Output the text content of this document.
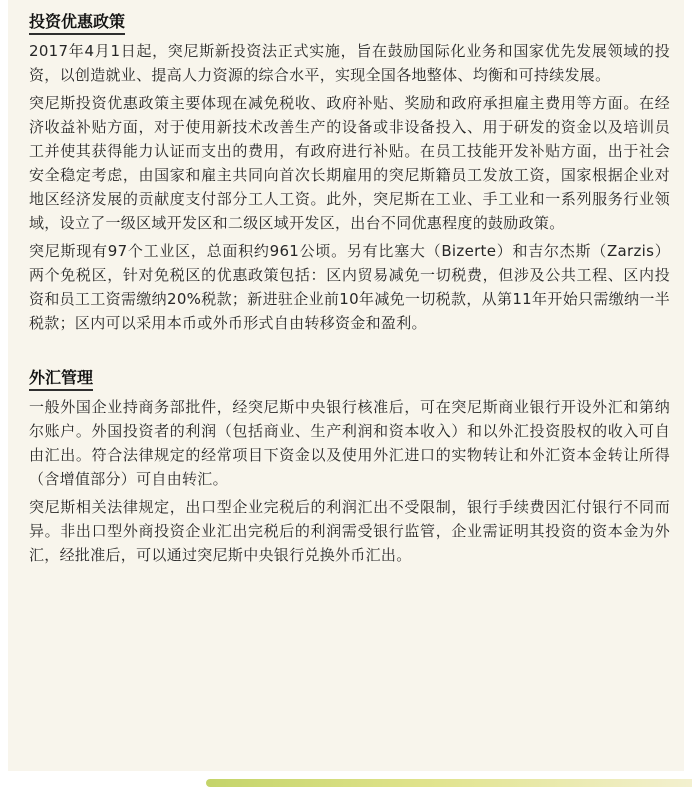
投资优惠政策

2017年4月1日起，突尼斯新投资法正式实施，旨在鼓励国际化业务和国家优先发展领域的投资，以创造就业、提高人力资源的综合水平，实现全国各地整体、均衡和可持续发展。

突尼斯投资优惠政策主要体现在减免税收、政府补贴、奖励和政府承担雇主费用等方面。在经济收益补贴方面，对于使用新技术改善生产的设备或非设备投入、用于研发的资金以及培训员工并使其获得能力认证而支出的费用，有政府进行补贴。在员工技能开发补贴方面，出于社会安全稳定考虑，由国家和雇主共同向首次长期雇用的突尼斯籍员工发放工资，国家根据企业对地区经济发展的贡献度支付部分工人工资。此外，突尼斯在工业、手工业和一系列服务行业领域，设立了一级区域开发区和二级区域开发区，出台不同优惠程度的鼓励政策。

突尼斯现有97个工业区，总面积约961公顷。另有比塞大（Bizerte）和吉尔杰斯（Zarzis）两个免税区，针对免税区的优惠政策包括：区内贸易减免一切税费，但涉及公共工程、区内投资和员工工资需缴纳20%税款；新进驻企业前10年减免一切税款，从第11年开始只需缴纳一半税款；区内可以采用本币或外币形式自由转移资金和盈利。

外汇管理

一般外国企业持商务部批件，经突尼斯中央银行核准后，可在突尼斯商业银行开设外汇和第纳尔账户。外国投资者的利润（包括商业、生产利润和资本收入）和以外汇投资股权的收入可自由汇出。符合法律规定的经常项目下资金以及使用外汇进口的实物转让和外汇资本金转让所得（含增值部分）可自由转汇。

突尼斯相关法律规定，出口型企业完税后的利润汇出不受限制，银行手续费因汇付银行不同而异。非出口型外商投资企业汇出完税后的利润需受银行监管，企业需证明其投资的资本金为外汇，经批准后，可以通过突尼斯中央银行兑换外币汇出。
